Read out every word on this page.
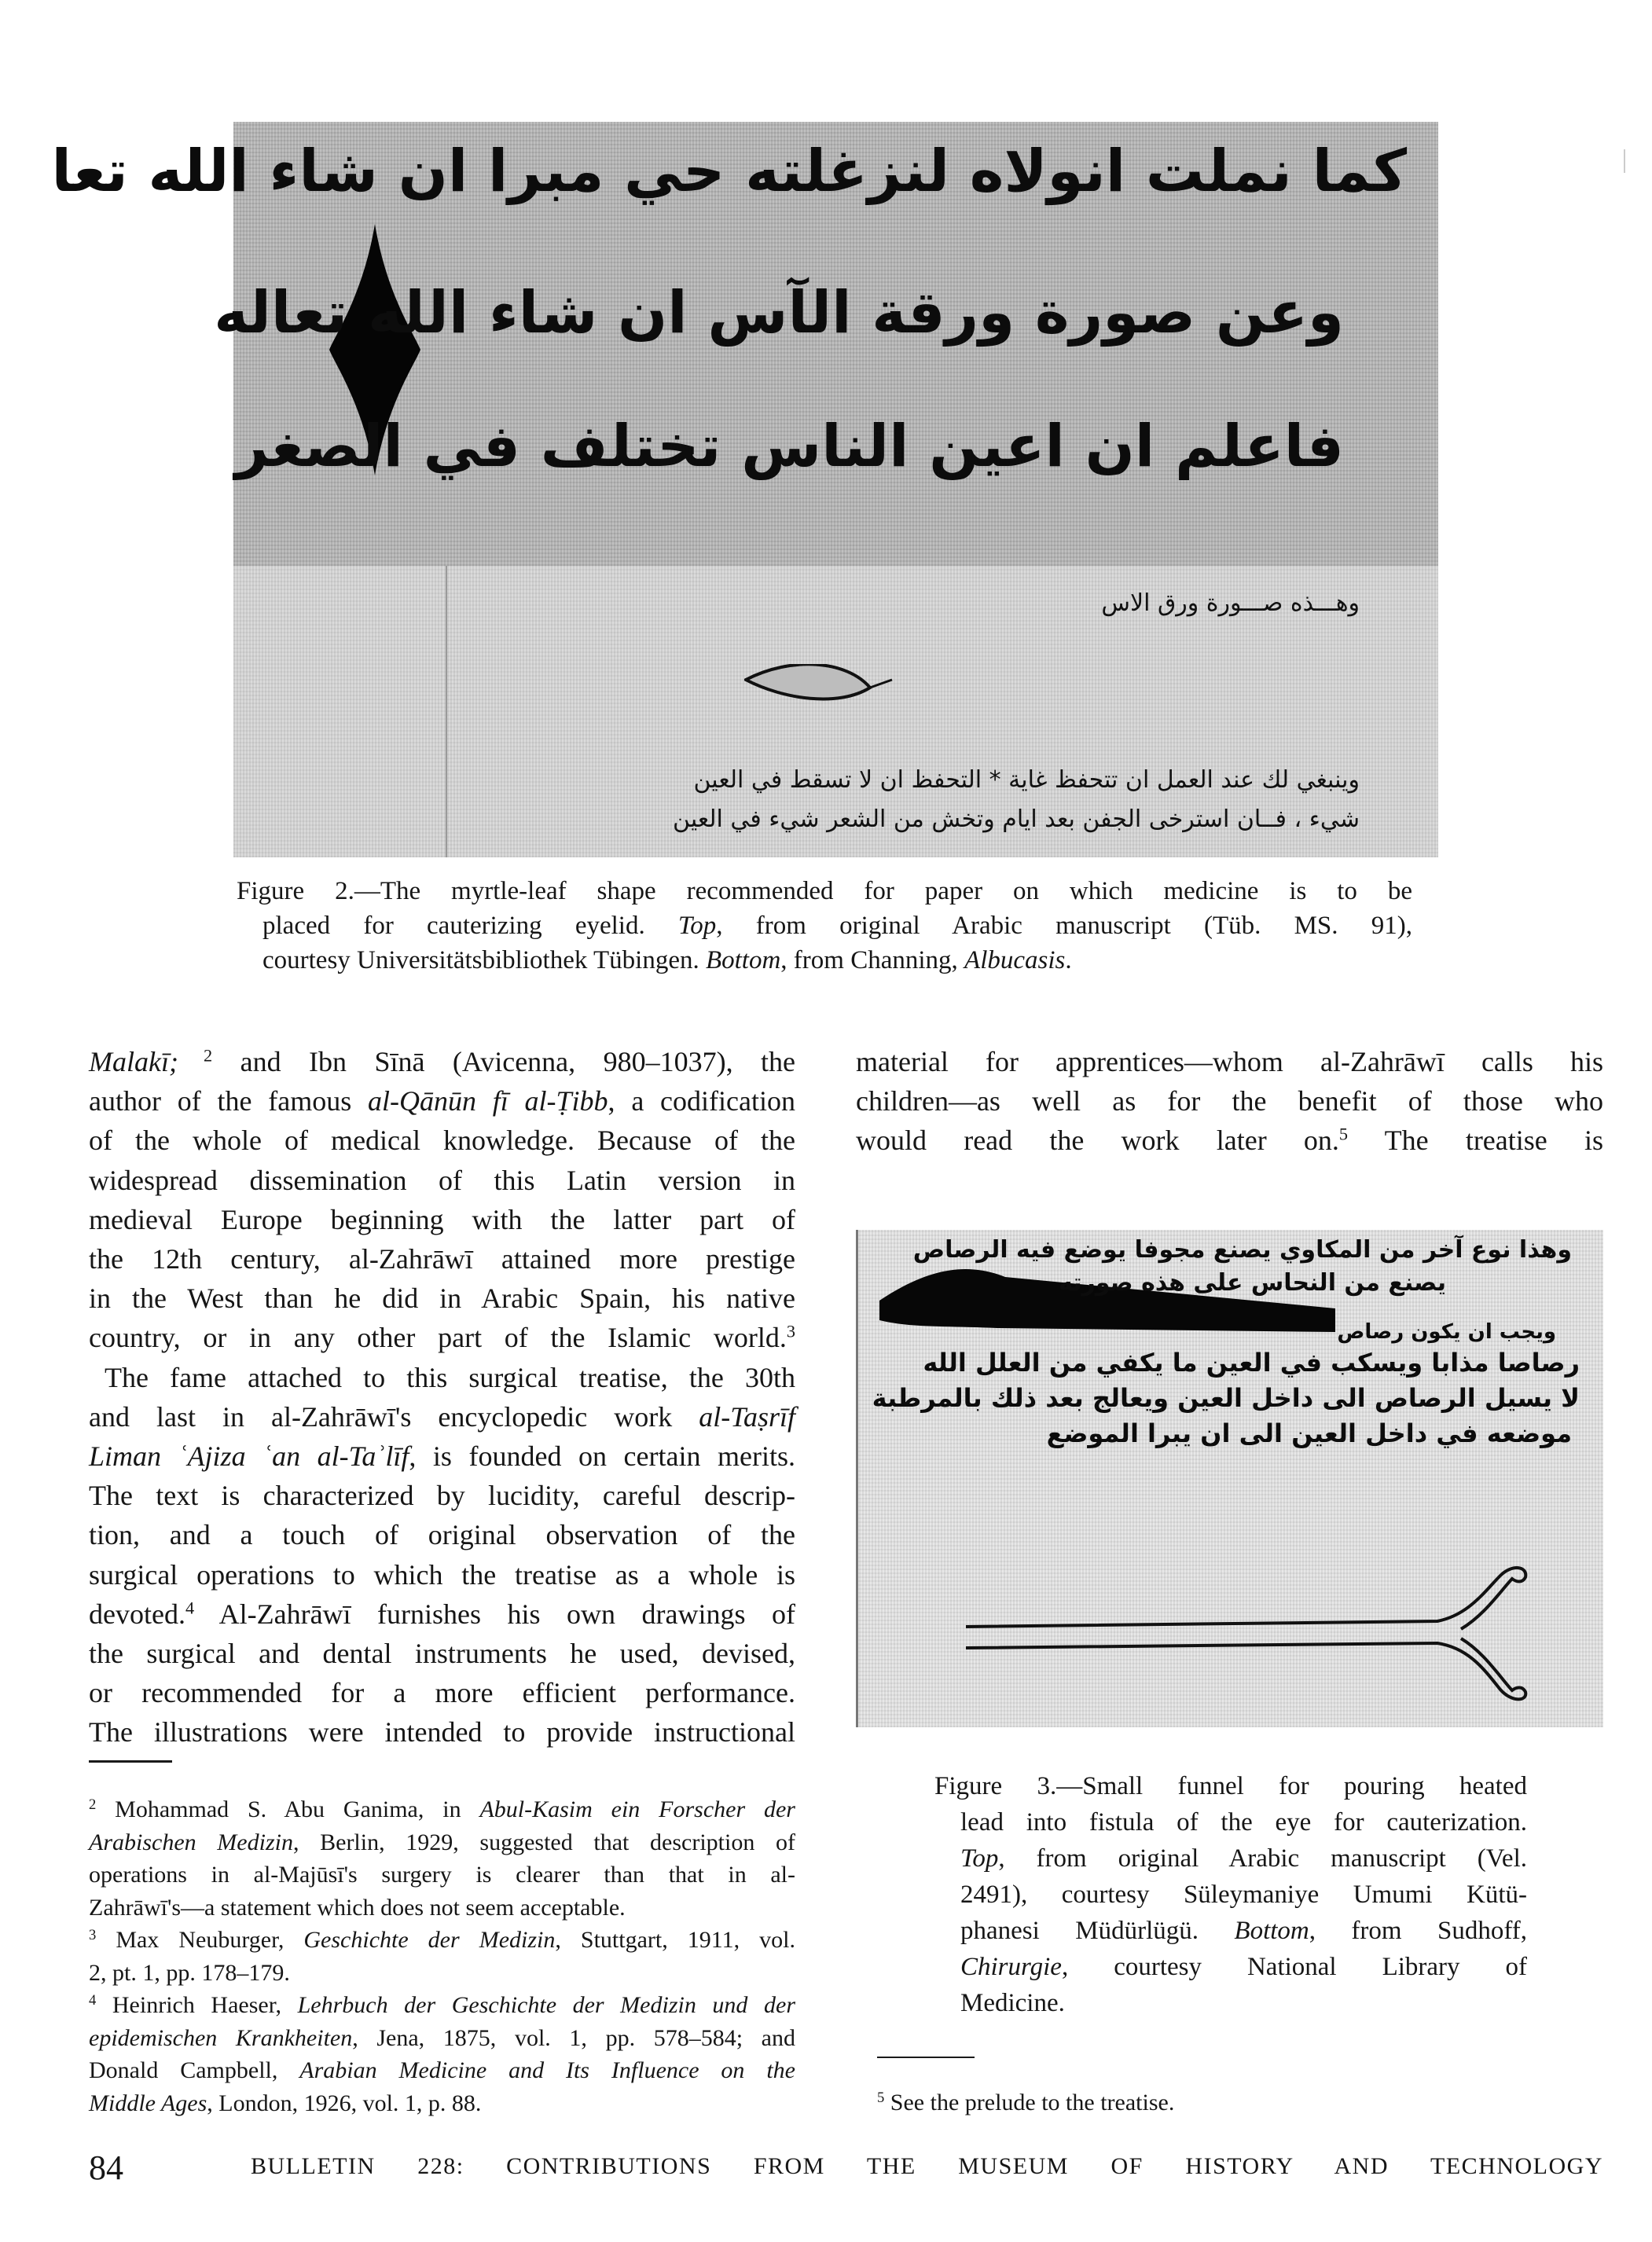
كما نملت انولاه لنزغلته حي مبرا ان شاء الله تعا
وعن صورة ورقة الآس ان شاء الله تعاله
فاعلم ان اعين الناس تختلف في الصغر
وهـــذه صـــورة ورق الاس
وينبغي لك عند العمل ان تتحفظ غاية * التحفظ ان لا تسقط في العين
شيء ، فــان استرخى الجفن بعد ايام وتخش من الشعر شيء في العين
Figure 2.—The myrtle-leaf shape recommended for paper on which medicine is to be
placed for cauterizing eyelid. Top, from original Arabic manuscript (Tüb. MS. 91),
courtesy Universitätsbibliothek Tübingen. Bottom, from Channing, Albucasis.
Malakī; $^2$ and Ibn Sīnā (Avicenna, 980–1037), the
author of the famous al-Qānūn fī al-Ṭibb, a codification
of the whole of medical knowledge. Because of the
widespread dissemination of this Latin version in
medieval Europe beginning with the latter part of
the 12th century, al-Zahrāwī attained more prestige
in the West than he did in Arabic Spain, his native
country, or in any other part of the Islamic world.$^3$
The fame attached to this surgical treatise, the 30th
and last in al-Zahrāwī's encyclopedic work al-Taṣrīf
Liman ʿAjiza ʿan al-Taʾlīf, is founded on certain merits.
The text is characterized by lucidity, careful descrip-
tion, and a touch of original observation of the
surgical operations to which the treatise as a whole is
devoted.$^4$ Al-Zahrāwī furnishes his own drawings of
the surgical and dental instruments he used, devised,
or recommended for a more efficient performance.
The illustrations were intended to provide instructional
material for apprentices—whom al-Zahrāwī calls his
children—as well as for the benefit of those who
would read the work later on.$^5$ The treatise is
وهذا نوع آخر من المكاوي يصنع مجوفا يوضع فيه الرصاص
يصنع من النحاس على هذه صورته
ويجب ان يكون رصاص
رصاصا مذابا ويسكب في العين ما يكفي من العلل الله
لا يسيل الرصاص الى داخل العين ويعالج بعد ذلك بالمرطبة
موضعه في داخل العين الى ان يبرا الموضع
Figure 3.—Small funnel for pouring heated
lead into fistula of the eye for cauterization.
Top, from original Arabic manuscript (Vel.
2491), courtesy Süleymaniye Umumi Kütü-
phanesi Müdürlügü. Bottom, from Sudhoff,
Chirurgie, courtesy National Library of
Medicine.
$^2$ Mohammad S. Abu Ganima, in Abul-Kasim ein Forscher der
Arabischen Medizin, Berlin, 1929, suggested that description of
operations in al-Majūsī's surgery is clearer than that in al-
Zahrāwī's—a statement which does not seem acceptable.
$^3$ Max Neuburger, Geschichte der Medizin, Stuttgart, 1911, vol.
2, pt. 1, pp. 178–179.
$^4$ Heinrich Haeser, Lehrbuch der Geschichte der Medizin und der
epidemischen Krankheiten, Jena, 1875, vol. 1, pp. 578–584; and
Donald Campbell, Arabian Medicine and Its Influence on the
Middle Ages, London, 1926, vol. 1, p. 88.	$^5$ See the prelude to the treatise.
84	BULLETIN 228: CONTRIBUTIONS FROM THE MUSEUM OF HISTORY AND TECHNOLOGY
